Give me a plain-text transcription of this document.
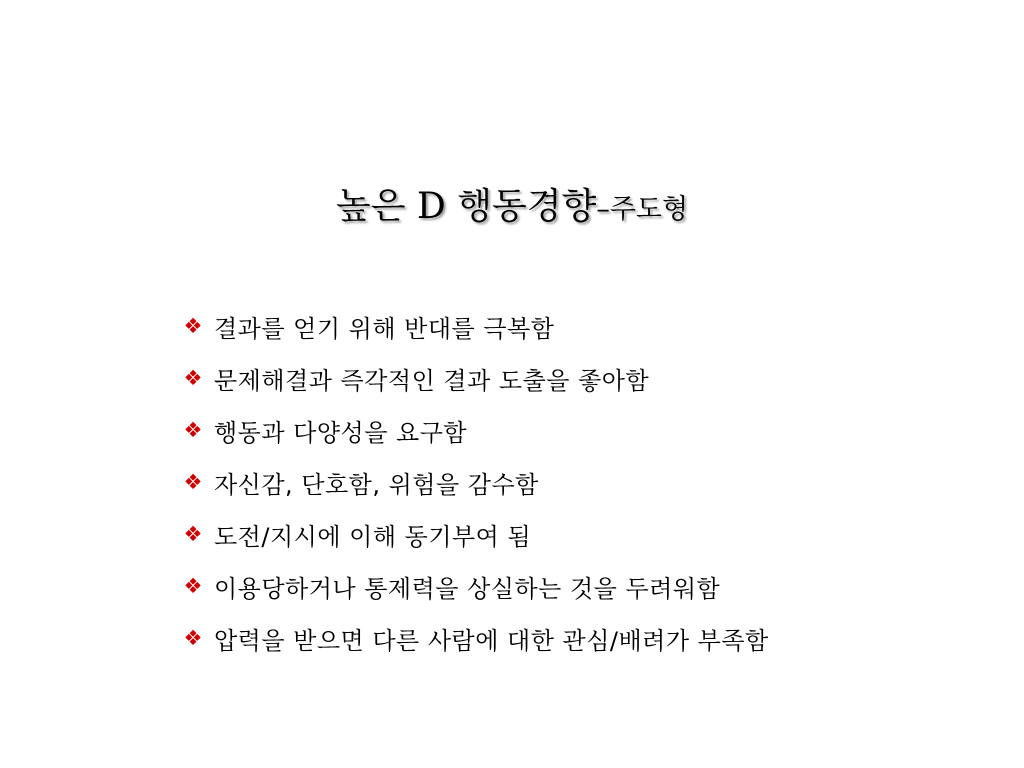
높은 D 행동경향–주도형
❖ 결과를 얻기 위해 반대를 극복함
❖ 문제해결과 즉각적인 결과 도출을 좋아함
❖ 행동과 다양성을 요구함
❖ 자신감, 단호함, 위험을 감수함
❖ 도전/지시에 이해 동기부여 됨
❖ 이용당하거나 통제력을 상실하는 것을 두려워함
❖ 압력을 받으면 다른 사람에 대한 관심/배려가 부족함
